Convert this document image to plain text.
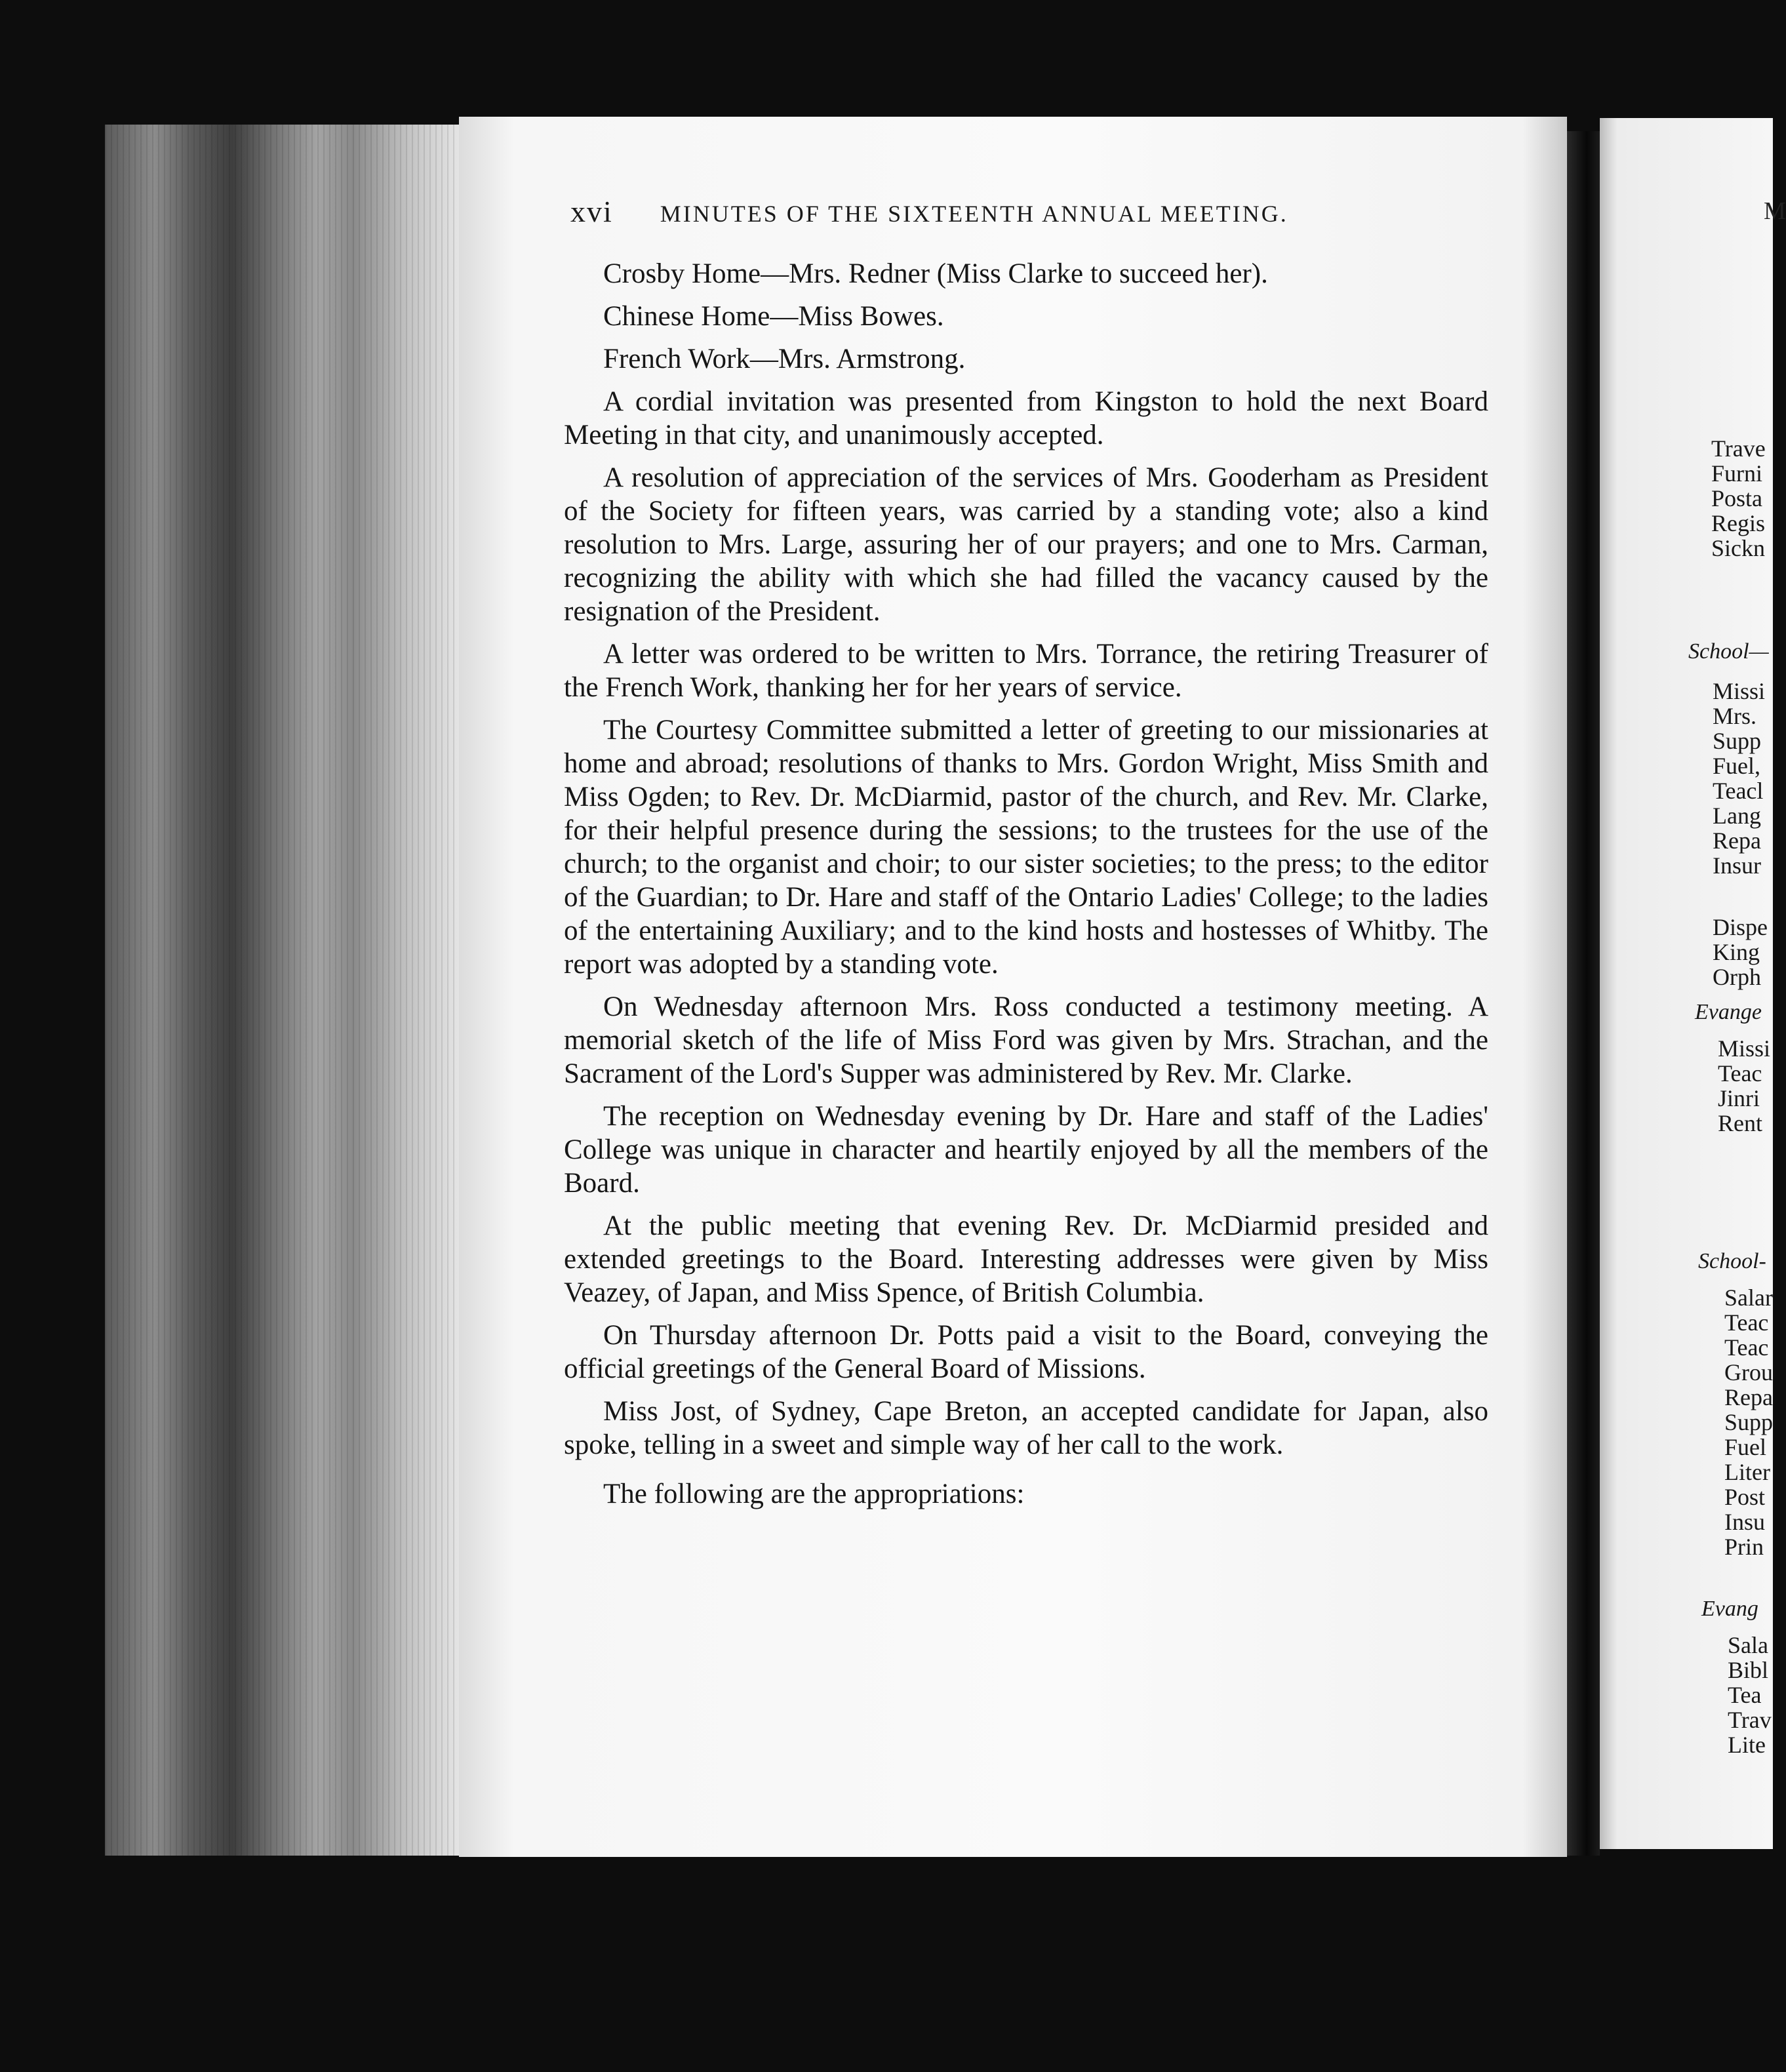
xvi MINUTES OF THE SIXTEENTH ANNUAL MEETING.

Crosby Home—Mrs. Redner (Miss Clarke to succeed her).

Chinese Home—Miss Bowes.

French Work—Mrs. Armstrong.

A cordial invitation was presented from Kingston to hold the next Board Meeting in that city, and unanimously accepted.

A resolution of appreciation of the services of Mrs. Gooderham as President of the Society for fifteen years, was carried by a standing vote; also a kind resolution to Mrs. Large, assuring her of our prayers; and one to Mrs. Carman, recognizing the ability with which she had filled the vacancy caused by the resignation of the President.

A letter was ordered to be written to Mrs. Torrance, the retiring Treasurer of the French Work, thanking her for her years of service.

The Courtesy Committee submitted a letter of greeting to our missionaries at home and abroad; resolutions of thanks to Mrs. Gordon Wright, Miss Smith and Miss Ogden; to Rev. Dr. McDiarmid, pastor of the church, and Rev. Mr. Clarke, for their helpful presence during the sessions; to the trustees for the use of the church; to the organist and choir; to our sister societies; to the press; to the editor of the Guardian; to Dr. Hare and staff of the Ontario Ladies' College; to the ladies of the entertaining Auxiliary; and to the kind hosts and hostesses of Whitby. The report was adopted by a standing vote.

On Wednesday afternoon Mrs. Ross conducted a testimony meeting. A memorial sketch of the life of Miss Ford was given by Mrs. Strachan, and the Sacrament of the Lord's Supper was administered by Rev. Mr. Clarke.

The reception on Wednesday evening by Dr. Hare and staff of the Ladies' College was unique in character and heartily enjoyed by all the members of the Board.

At the public meeting that evening Rev. Dr. McDiarmid presided and extended greetings to the Board. Interesting addresses were given by Miss Veazey, of Japan, and Miss Spence, of British Columbia.

On Thursday afternoon Dr. Potts paid a visit to the Board, conveying the official greetings of the General Board of Missions.

Miss Jost, of Sydney, Cape Breton, an accepted candidate for Japan, also spoke, telling in a sweet and simple way of her call to the work.

The following are the appropriations:

M
Trave
Furni
Posta
Regis
Sickn
School—
Missi
Mrs.
Supp
Fuel,
Teacl
Lang
Repa
Insur
Dispe
King
Orph
Evange
Missi
Teac
Jinri
Rent
School-
Salar
Teac
Teac
Grou
Repa
Supp
Fuel
Liter
Post
Insu
Prin
Evang
Sala
Bibl
Tea
Trav
Lite
